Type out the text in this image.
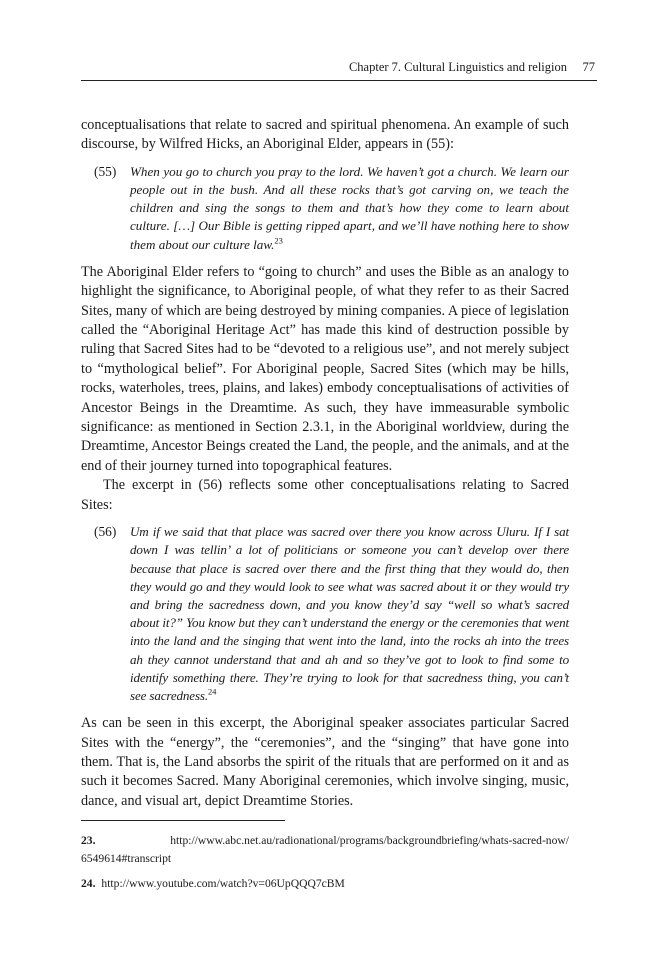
Chapter 7. Cultural Linguistics and religion 77

conceptualisations that relate to sacred and spiritual phenomena. An example of such discourse, by Wilfred Hicks, an Aboriginal Elder, appears in (55):

(55) When you go to church you pray to the lord. We haven’t got a church. We learn our people out in the bush. And all these rocks that’s got carving on, we teach the children and sing the songs to them and that’s how they come to learn about culture. […] Our Bible is getting ripped apart, and we’ll have nothing here to show them about our culture law.$^{23}$

The Aboriginal Elder refers to “going to church” and uses the Bible as an analogy to highlight the significance, to Aboriginal people, of what they refer to as their Sacred Sites, many of which are being destroyed by mining companies. A piece of legislation called the “Aboriginal Heritage Act” has made this kind of destruction possible by ruling that Sacred Sites had to be “devoted to a religious use”, and not merely subject to “mythological belief”. For Aboriginal people, Sacred Sites (which may be hills, rocks, waterholes, trees, plains, and lakes) embody conceptualisations of activities of Ancestor Beings in the Dreamtime. As such, they have immeasurable symbolic significance: as mentioned in Section 2.3.1, in the Aboriginal worldview, during the Dreamtime, Ancestor Beings created the Land, the people, and the animals, and at the end of their journey turned into topographical features.

The excerpt in (56) reflects some other conceptualisations relating to Sacred Sites:

(56) Um if we said that that place was sacred over there you know across Uluru. If I sat down I was tellin’ a lot of politicians or someone you can’t develop over there because that place is sacred over there and the first thing that they would do, then they would go and they would look to see what was sacred about it or they would try and bring the sacredness down, and you know they’d say “well so what’s sacred about it?” You know but they can’t understand the energy or the ceremonies that went into the land and the singing that went into the land, into the rocks ah into the trees ah they cannot understand that and ah and so they’ve got to look to find some to identify something there. They’re trying to look for that sacredness thing, you can’t see sacredness.$^{24}$

As can be seen in this excerpt, the Aboriginal speaker associates particular Sacred Sites with the “energy”, the “ceremonies”, and the “singing” that have gone into them. That is, the Land absorbs the spirit of the rituals that are performed on it and as such it becomes Sacred. Many Aboriginal ceremonies, which involve singing, music, dance, and visual art, depict Dreamtime Stories.

23.	http://www.abc.net.au/radionational/programs/backgroundbriefing/whats-sacred-now/ 6549614#transcript

24. http://www.youtube.com/watch?v=06UpQQQ7cBM
